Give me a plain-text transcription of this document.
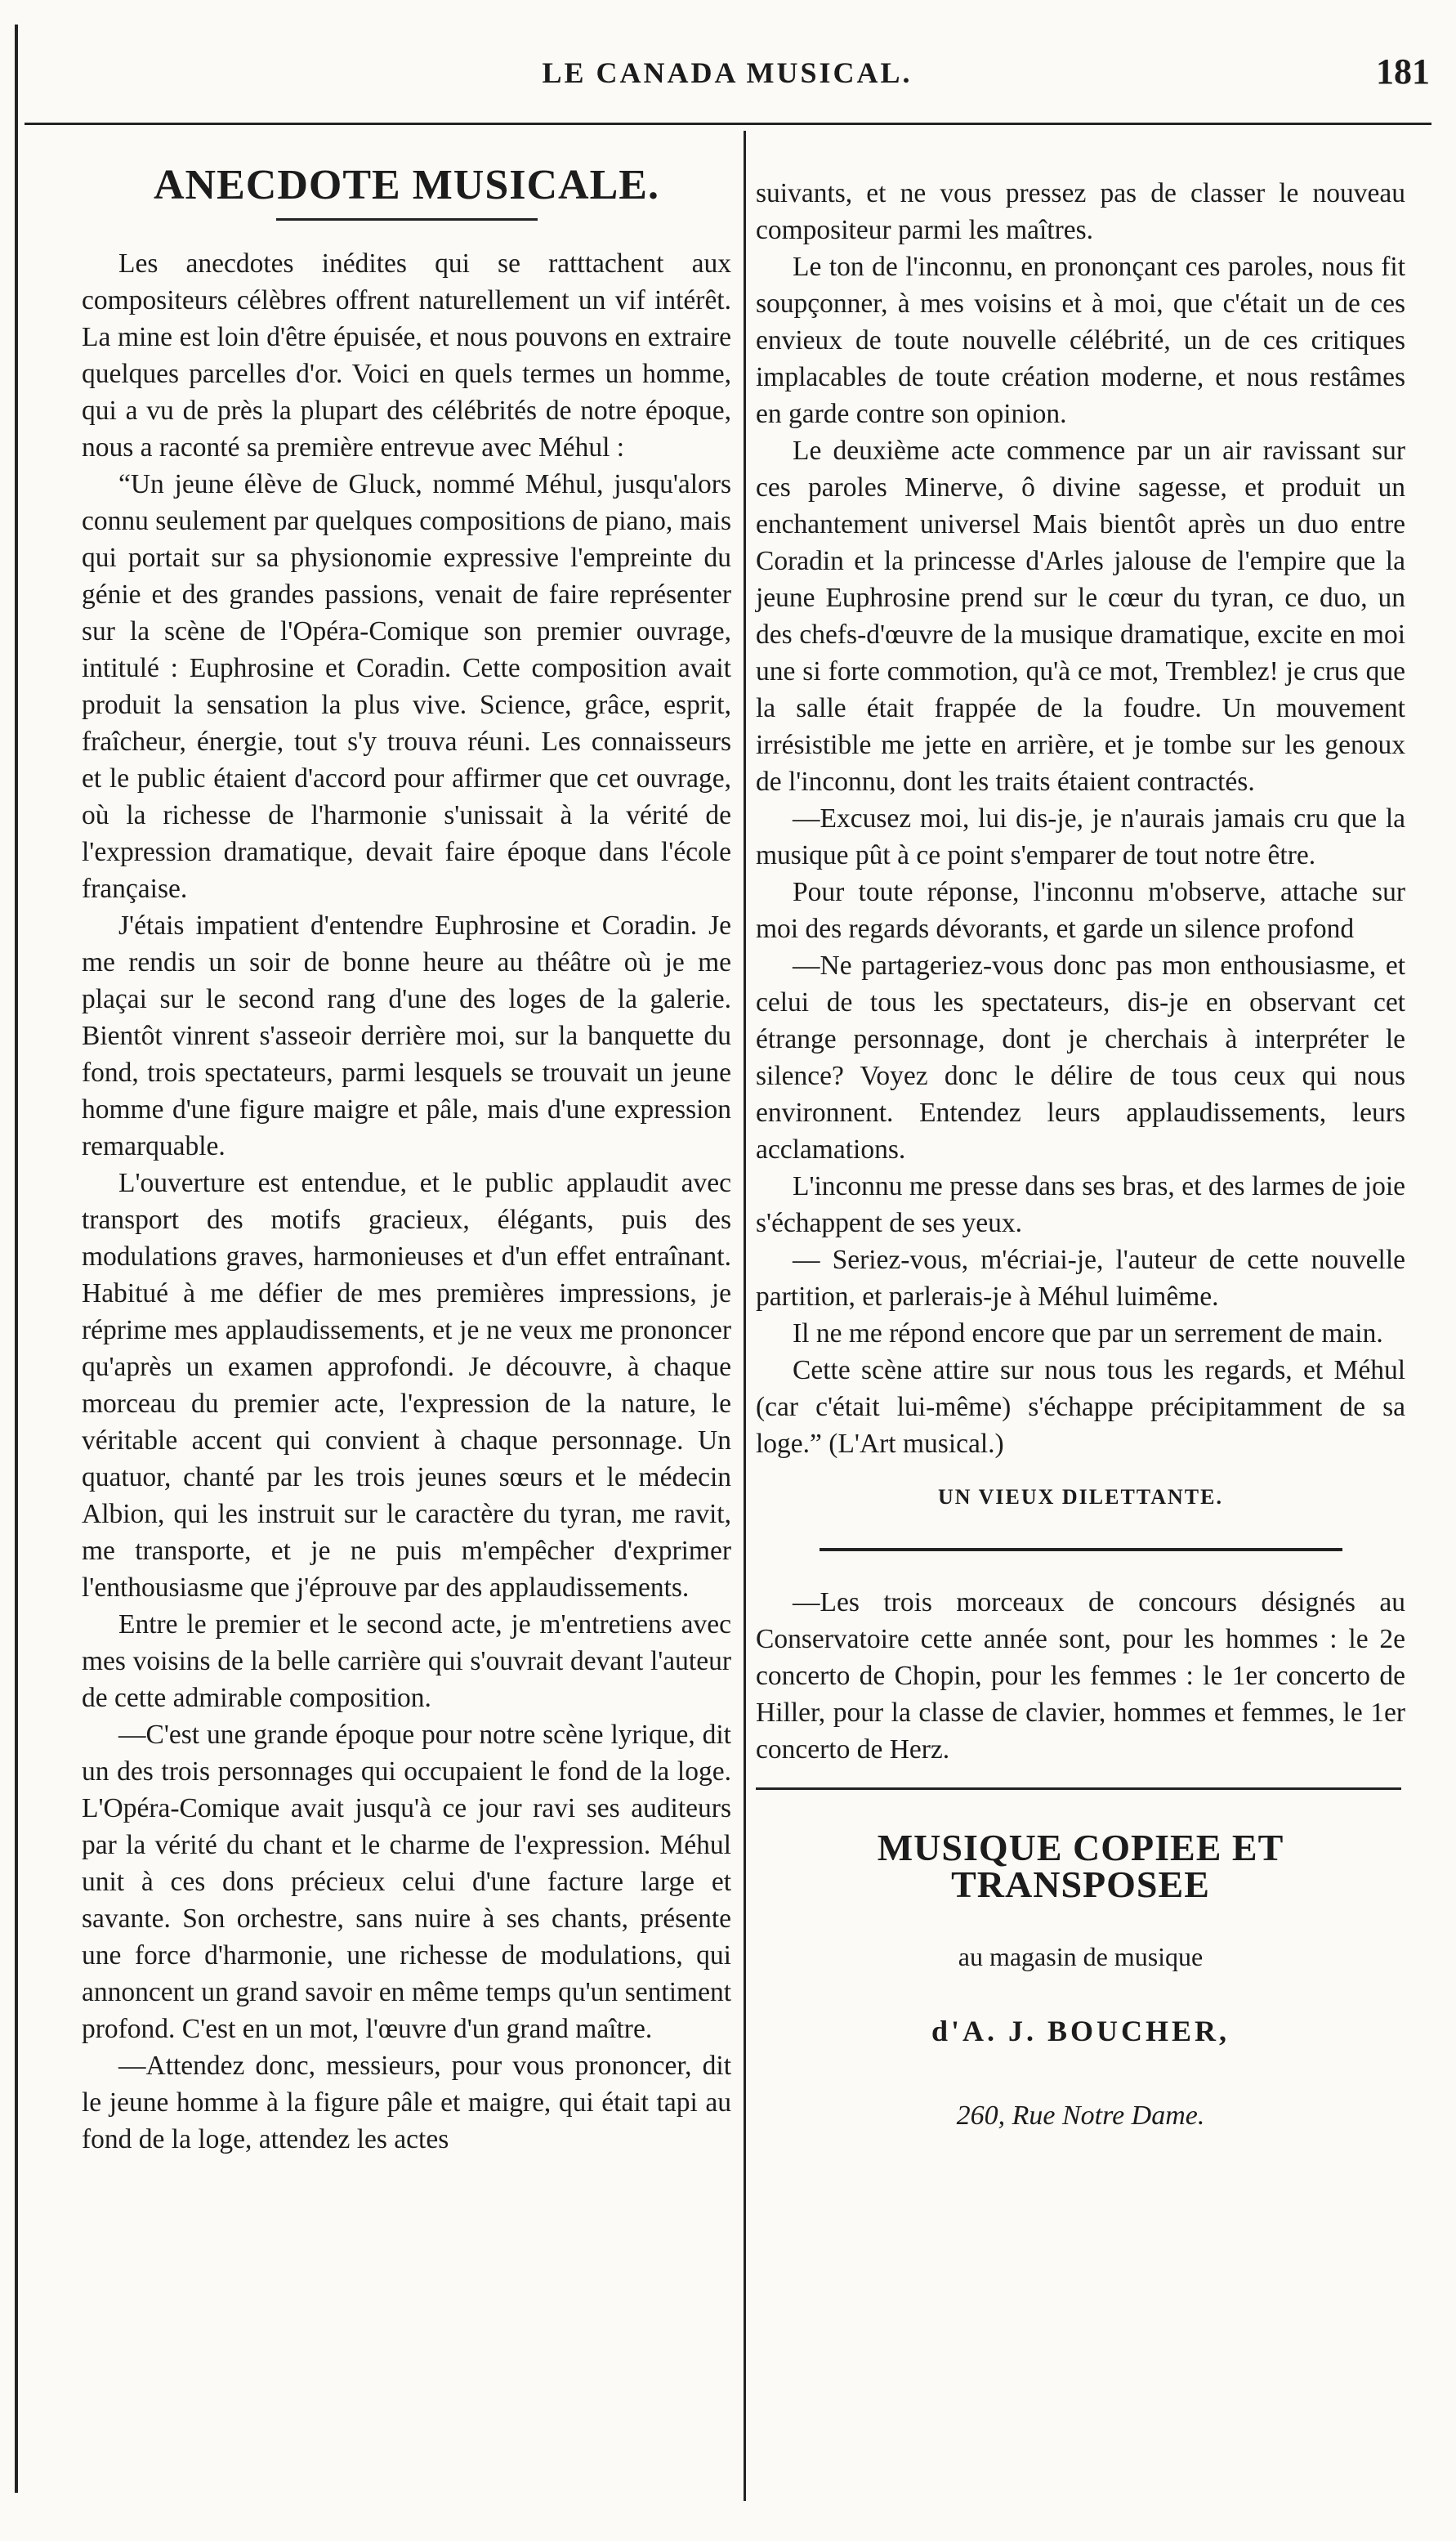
LE CANADA MUSICAL.	181
ANECDOTE MUSICALE.

Les anecdotes inédites qui se ratttachent aux compositeurs célèbres offrent naturellement un vif intérêt. La mine est loin d'être épuisée, et nous pouvons en extraire quelques parcelles d'or. Voici en quels termes un homme, qui a vu de près la plupart des célébrités de notre époque, nous a raconté sa première entrevue avec Méhul :

“Un jeune élève de Gluck, nommé Méhul, jusqu'alors connu seulement par quelques compositions de piano, mais qui portait sur sa physionomie expressive l'empreinte du génie et des grandes passions, venait de faire représenter sur la scène de l'Opéra-Comique son premier ouvrage, intitulé : Euphrosine et Coradin. Cette composition avait produit la sensation la plus vive. Science, grâce, esprit, fraîcheur, énergie, tout s'y trouva réuni. Les connaisseurs et le public étaient d'accord pour affirmer que cet ouvrage, où la richesse de l'harmonie s'unissait à la vérité de l'expression dramatique, devait faire époque dans l'école française.

J'étais impatient d'entendre Euphrosine et Coradin. Je me rendis un soir de bonne heure au théâtre où je me plaçai sur le second rang d'une des loges de la galerie. Bientôt vinrent s'asseoir derrière moi, sur la banquette du fond, trois spectateurs, parmi lesquels se trouvait un jeune homme d'une figure maigre et pâle, mais d'une expression remarquable.

L'ouverture est entendue, et le public applaudit avec transport des motifs gracieux, élégants, puis des modulations graves, harmonieuses et d'un effet entraînant. Habitué à me défier de mes premières impressions, je réprime mes applaudissements, et je ne veux me prononcer qu'après un examen approfondi. Je découvre, à chaque morceau du premier acte, l'expression de la nature, le véritable accent qui convient à chaque personnage. Un quatuor, chanté par les trois jeunes sœurs et le médecin Albion, qui les instruit sur le caractère du tyran, me ravit, me transporte, et je ne puis m'empêcher d'exprimer l'enthousiasme que j'éprouve par des applaudissements.

Entre le premier et le second acte, je m'entretiens avec mes voisins de la belle carrière qui s'ouvrait devant l'auteur de cette admirable composition.

—C'est une grande époque pour notre scène lyrique, dit un des trois personnages qui occupaient le fond de la loge. L'Opéra-Comique avait jusqu'à ce jour ravi ses auditeurs par la vérité du chant et le charme de l'expression. Méhul unit à ces dons précieux celui d'une facture large et savante. Son orchestre, sans nuire à ses chants, présente une force d'harmonie, une richesse de modulations, qui annoncent un grand savoir en même temps qu'un sentiment profond. C'est en un mot, l'œuvre d'un grand maître.

—Attendez donc, messieurs, pour vous prononcer, dit le jeune homme à la figure pâle et maigre, qui était tapi au fond de la loge, attendez les actes

suivants, et ne vous pressez pas de classer le nouveau compositeur parmi les maîtres.

Le ton de l'inconnu, en prononçant ces paroles, nous fit soupçonner, à mes voisins et à moi, que c'était un de ces envieux de toute nouvelle célébrité, un de ces critiques implacables de toute création moderne, et nous restâmes en garde contre son opinion.

Le deuxième acte commence par un air ravissant sur ces paroles Minerve, ô divine sagesse, et produit un enchantement universel Mais bientôt après un duo entre Coradin et la princesse d'Arles jalouse de l'empire que la jeune Euphrosine prend sur le cœur du tyran, ce duo, un des chefs-d'œuvre de la musique dramatique, excite en moi une si forte commotion, qu'à ce mot, Tremblez! je crus que la salle était frappée de la foudre. Un mouvement irrésistible me jette en arrière, et je tombe sur les genoux de l'inconnu, dont les traits étaient contractés.

—Excusez moi, lui dis-je, je n'aurais jamais cru que la musique pût à ce point s'emparer de tout notre être.

Pour toute réponse, l'inconnu m'observe, attache sur moi des regards dévorants, et garde un silence profond

—Ne partageriez-vous donc pas mon enthousiasme, et celui de tous les spectateurs, dis-je en observant cet étrange personnage, dont je cherchais à interpréter le silence? Voyez donc le délire de tous ceux qui nous environnent. Entendez leurs applaudissements, leurs acclamations.

L'inconnu me presse dans ses bras, et des larmes de joie s'échappent de ses yeux.

— Seriez-vous, m'écriai-je, l'auteur de cette nouvelle partition, et parlerais-je à Méhul luimême.

Il ne me répond encore que par un serrement de main.

Cette scène attire sur nous tous les regards, et Méhul (car c'était lui-même) s'échappe précipitamment de sa loge.” (L'Art musical.)

UN VIEUX DILETTANTE.

—Les trois morceaux de concours désignés au Conservatoire cette année sont, pour les hommes : le 2e concerto de Chopin, pour les femmes : le 1er concerto de Hiller, pour la classe de clavier, hommes et femmes, le 1er concerto de Herz.

MUSIQUE COPIEE ET TRANSPOSEE
au magasin de musique
d'A. J. BOUCHER,
260, Rue Notre Dame.
